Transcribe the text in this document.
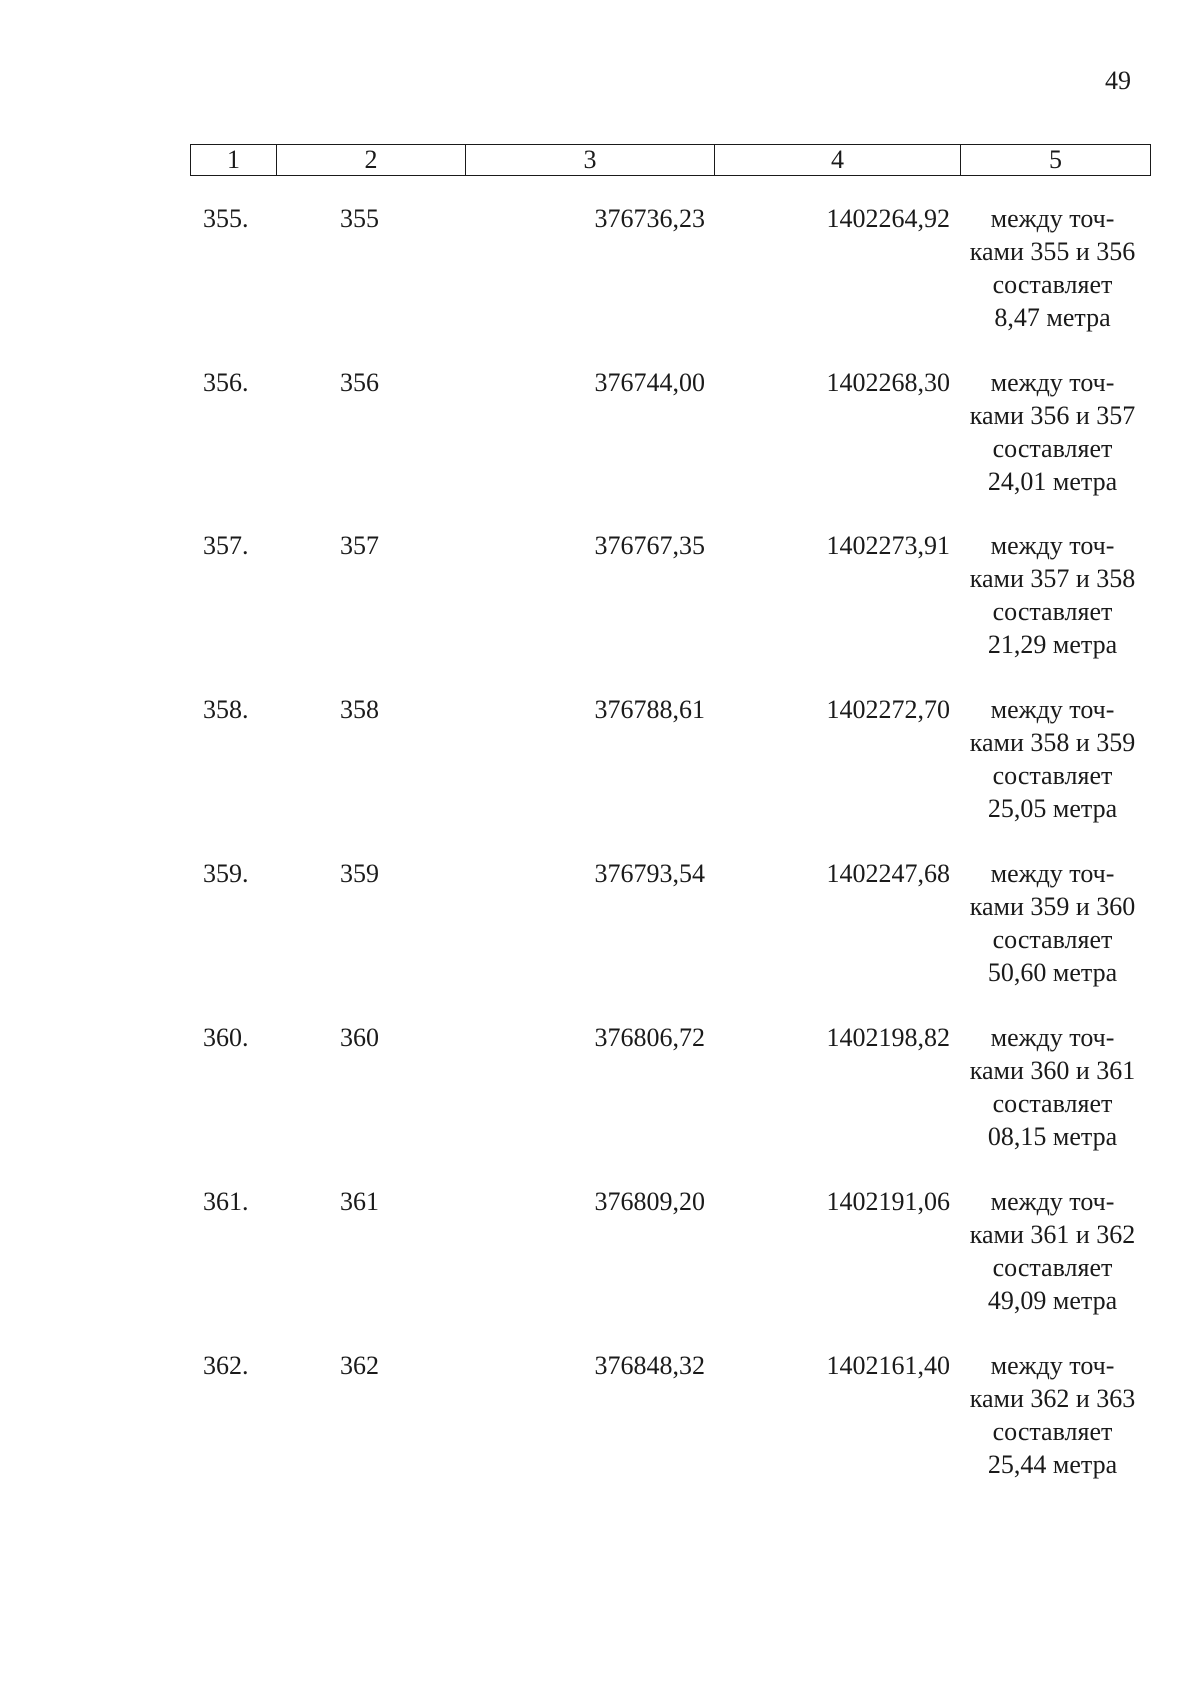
49
1	2	3	4	5
355.	355	376736,23	1402264,92	между точ-
ками 355 и 356
составляет
8,47 метра
356.	356	376744,00	1402268,30	между точ-
ками 356 и 357
составляет
24,01 метра
357.	357	376767,35	1402273,91	между точ-
ками 357 и 358
составляет
21,29 метра
358.	358	376788,61	1402272,70	между точ-
ками 358 и 359
составляет
25,05 метра
359.	359	376793,54	1402247,68	между точ-
ками 359 и 360
составляет
50,60 метра
360.	360	376806,72	1402198,82	между точ-
ками 360 и 361
составляет
08,15 метра
361.	361	376809,20	1402191,06	между точ-
ками 361 и 362
составляет
49,09 метра
362.	362	376848,32	1402161,40	между точ-
ками 362 и 363
составляет
25,44 метра
